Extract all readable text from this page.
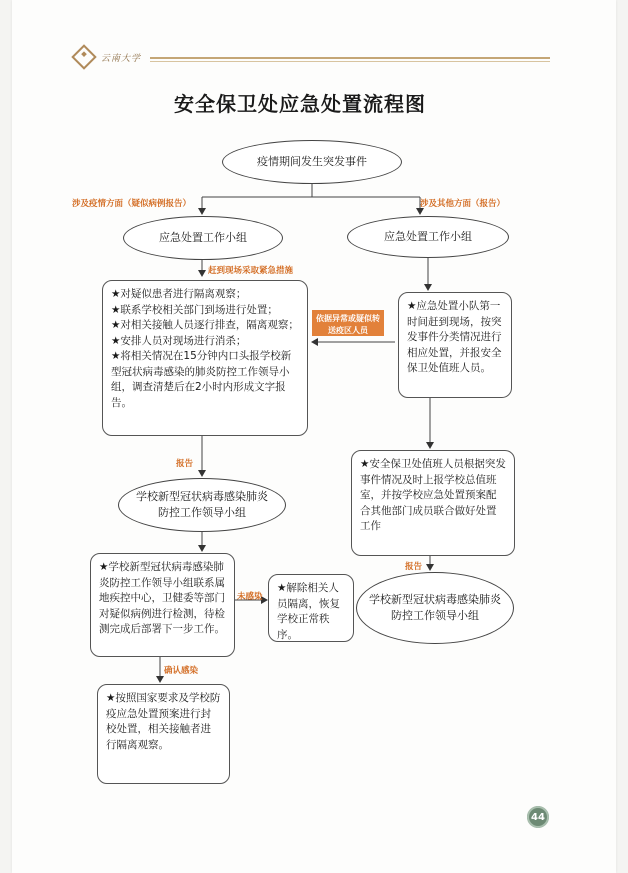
云南大学
安全保卫处应急处置流程图
疫情期间发生突发事件
涉及疫情方面（疑似病例报告）	涉及其他方面（报告）
应急处置工作小组	应急处置工作小组
赶到现场采取紧急措施
★对疑似患者进行隔离观察；
★联系学校相关部门到场进行处置；
★对相关接触人员逐行排查，隔离观察；
★安排人员对现场进行消杀；
★将相关情况在15分钟内口头报学校新型冠状病毒感染的肺炎防控工作领导小组，调查清楚后在2小时内形成文字报告。
依据异常或疑似转送疫区人员
★应急处置小队第一时间赶到现场，按突发事件分类情况进行相应处置，并报安全保卫处值班人员。
报告
学校新型冠状病毒感染肺炎防控工作领导小组
★安全保卫处值班人员根据突发事件情况及时上报学校总值班室，并按学校应急处置预案配合其他部门成员联合做好处置工作
报告
学校新型冠状病毒感染肺炎防控工作领导小组
★学校新型冠状病毒感染肺炎防控工作领导小组联系属地疾控中心，卫健委等部门对疑似病例进行检测，待检测完成后部署下一步工作。
未感染
★解除相关人员隔离，恢复学校正常秩序。
确认感染
★按照国家要求及学校防疫应急处置预案进行封校处置，相关接触者进行隔离观察。
44
